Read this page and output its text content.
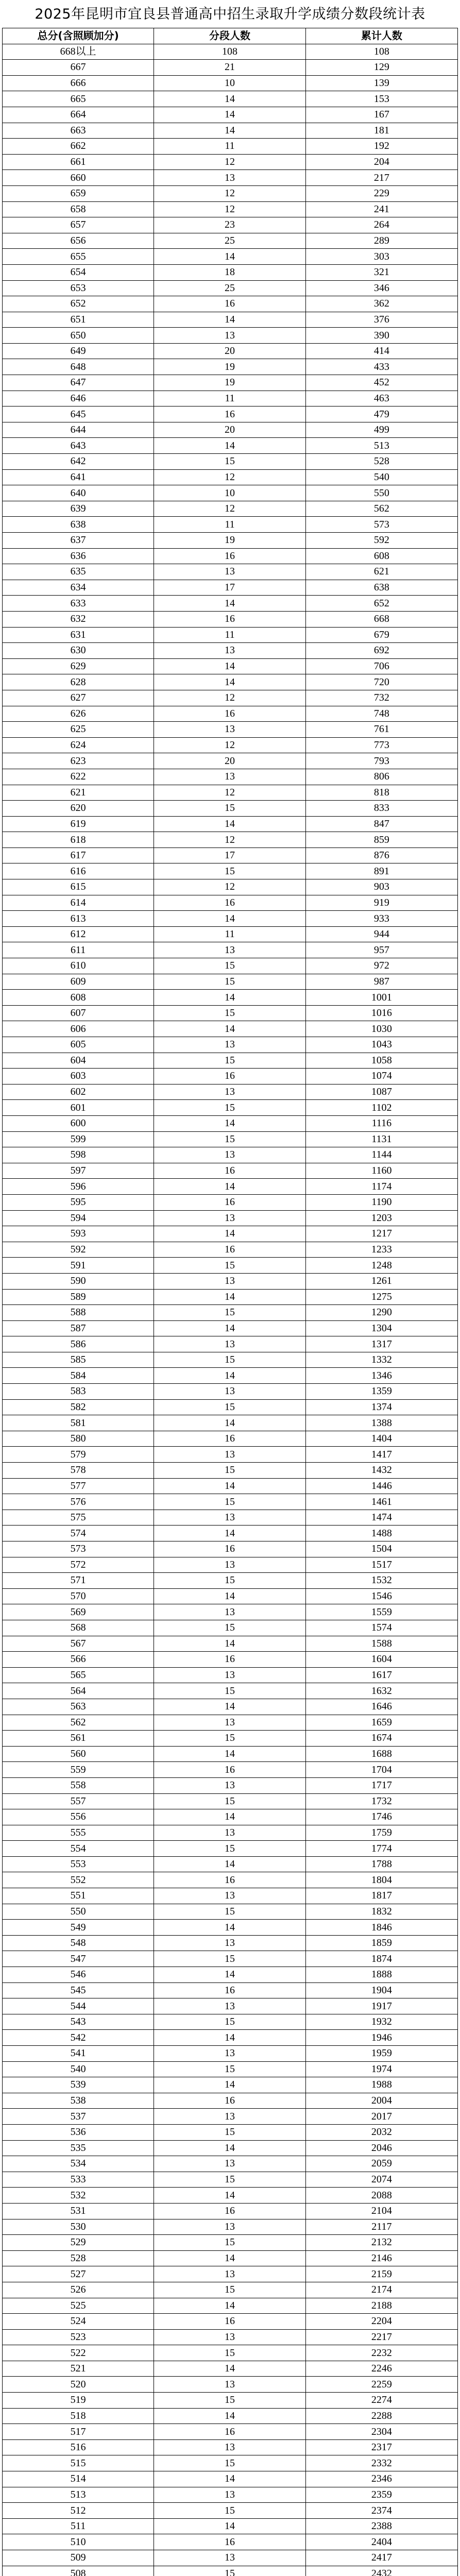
2025年昆明市宜良县普通高中招生录取升学成绩分数段统计表
总分(含照顾加分)	分段人数	累计人数
668以上	108	108
667	21	129
666	10	139
665	14	153
664	14	167
663	14	181
662	11	192
661	12	204
660	13	217
659	12	229
658	12	241
657	23	264
656	25	289
655	14	303
654	18	321
653	25	346
652	16	362
651	14	376
650	13	390
649	20	414
648	19	433
647	19	452
646	11	463
645	16	479
644	20	499
643	14	513
642	15	528
641	12	540
640	10	550
639	12	562
638	11	573
637	19	592
636	16	608
635	13	621
634	17	638
633	14	652
632	16	668
631	11	679
630	13	692
629	14	706
628	14	720
627	12	732
626	16	748
625	13	761
624	12	773
623	20	793
622	13	806
621	12	818
620	15	833
619	14	847
618	12	859
617	17	876
616	15	891
615	12	903
614	16	919
613	14	933
612	11	944
611	13	957
610	15	972
609	15	987
608	14	1001
607	15	1016
606	14	1030
605	13	1043
604	15	1058
603	16	1074
602	13	1087
601	15	1102
600	14	1116
599	15	1131
598	13	1144
597	16	1160
596	14	1174
595	16	1190
594	13	1203
593	14	1217
592	16	1233
591	15	1248
590	13	1261
589	14	1275
588	15	1290
587	14	1304
586	13	1317
585	15	1332
584	14	1346
583	13	1359
582	15	1374
581	14	1388
580	16	1404
579	13	1417
578	15	1432
577	14	1446
576	15	1461
575	13	1474
574	14	1488
573	16	1504
572	13	1517
571	15	1532
570	14	1546
569	13	1559
568	15	1574
567	14	1588
566	16	1604
565	13	1617
564	15	1632
563	14	1646
562	13	1659
561	15	1674
560	14	1688
559	16	1704
558	13	1717
557	15	1732
556	14	1746
555	13	1759
554	15	1774
553	14	1788
552	16	1804
551	13	1817
550	15	1832
549	14	1846
548	13	1859
547	15	1874
546	14	1888
545	16	1904
544	13	1917
543	15	1932
542	14	1946
541	13	1959
540	15	1974
539	14	1988
538	16	2004
537	13	2017
536	15	2032
535	14	2046
534	13	2059
533	15	2074
532	14	2088
531	16	2104
530	13	2117
529	15	2132
528	14	2146
527	13	2159
526	15	2174
525	14	2188
524	16	2204
523	13	2217
522	15	2232
521	14	2246
520	13	2259
519	15	2274
518	14	2288
517	16	2304
516	13	2317
515	15	2332
514	14	2346
513	13	2359
512	15	2374
511	14	2388
510	16	2404
509	13	2417
508	15	2432
